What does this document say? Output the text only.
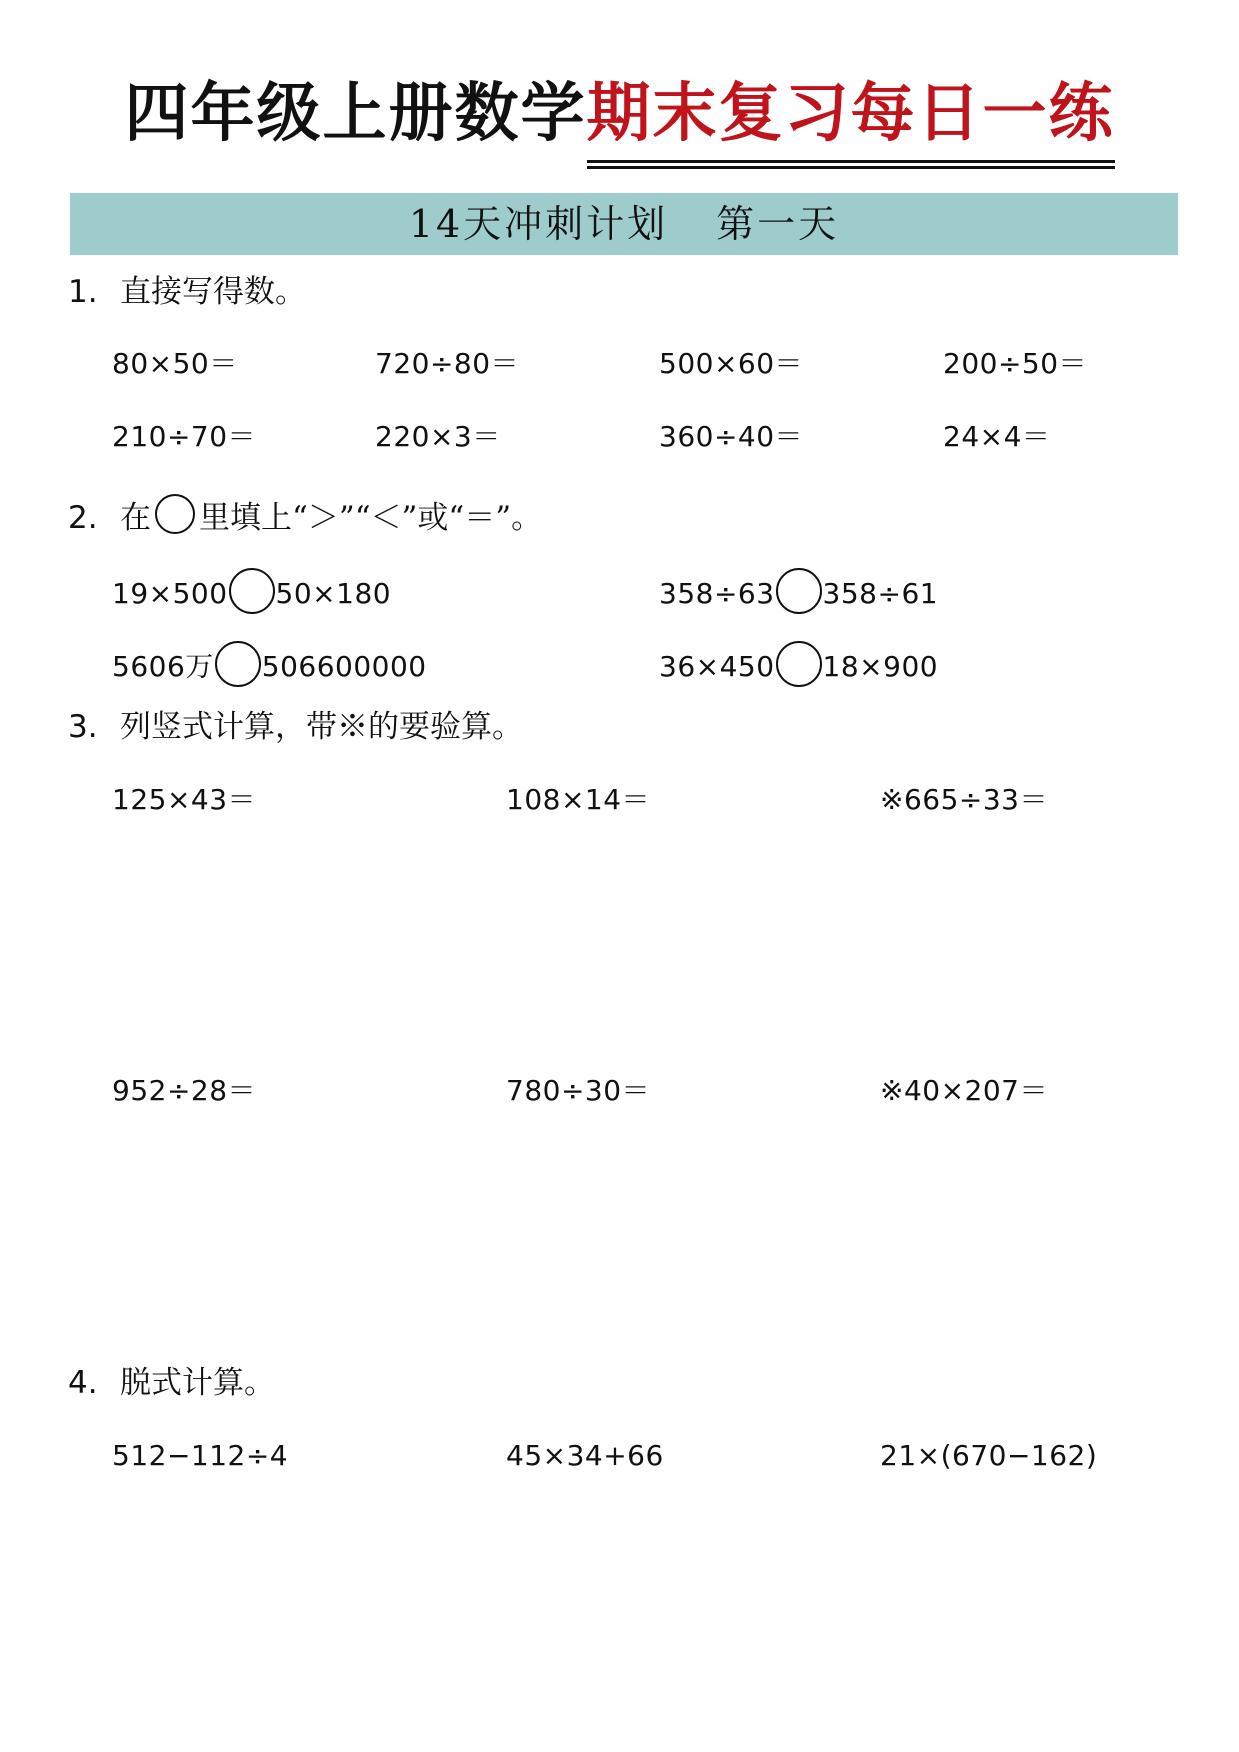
四年级上册数学期末复习每日一练
14天冲刺计划 第一天
1. 直接写得数。
80×50＝	720÷80＝	500×60＝	200÷50＝
210÷70＝	220×3＝	360÷40＝	24×4＝
2. 在 里填上“＞”“＜”或“＝”。
19×500 50×180	358÷63 358÷61
5606万 506600000	36×450 18×900
3. 列竖式计算，带※的要验算。
125×43＝	108×14＝	※665÷33＝
952÷28＝	780÷30＝	※40×207＝
4. 脱式计算。
512−112÷4	45×34+66	21×(670−162)
